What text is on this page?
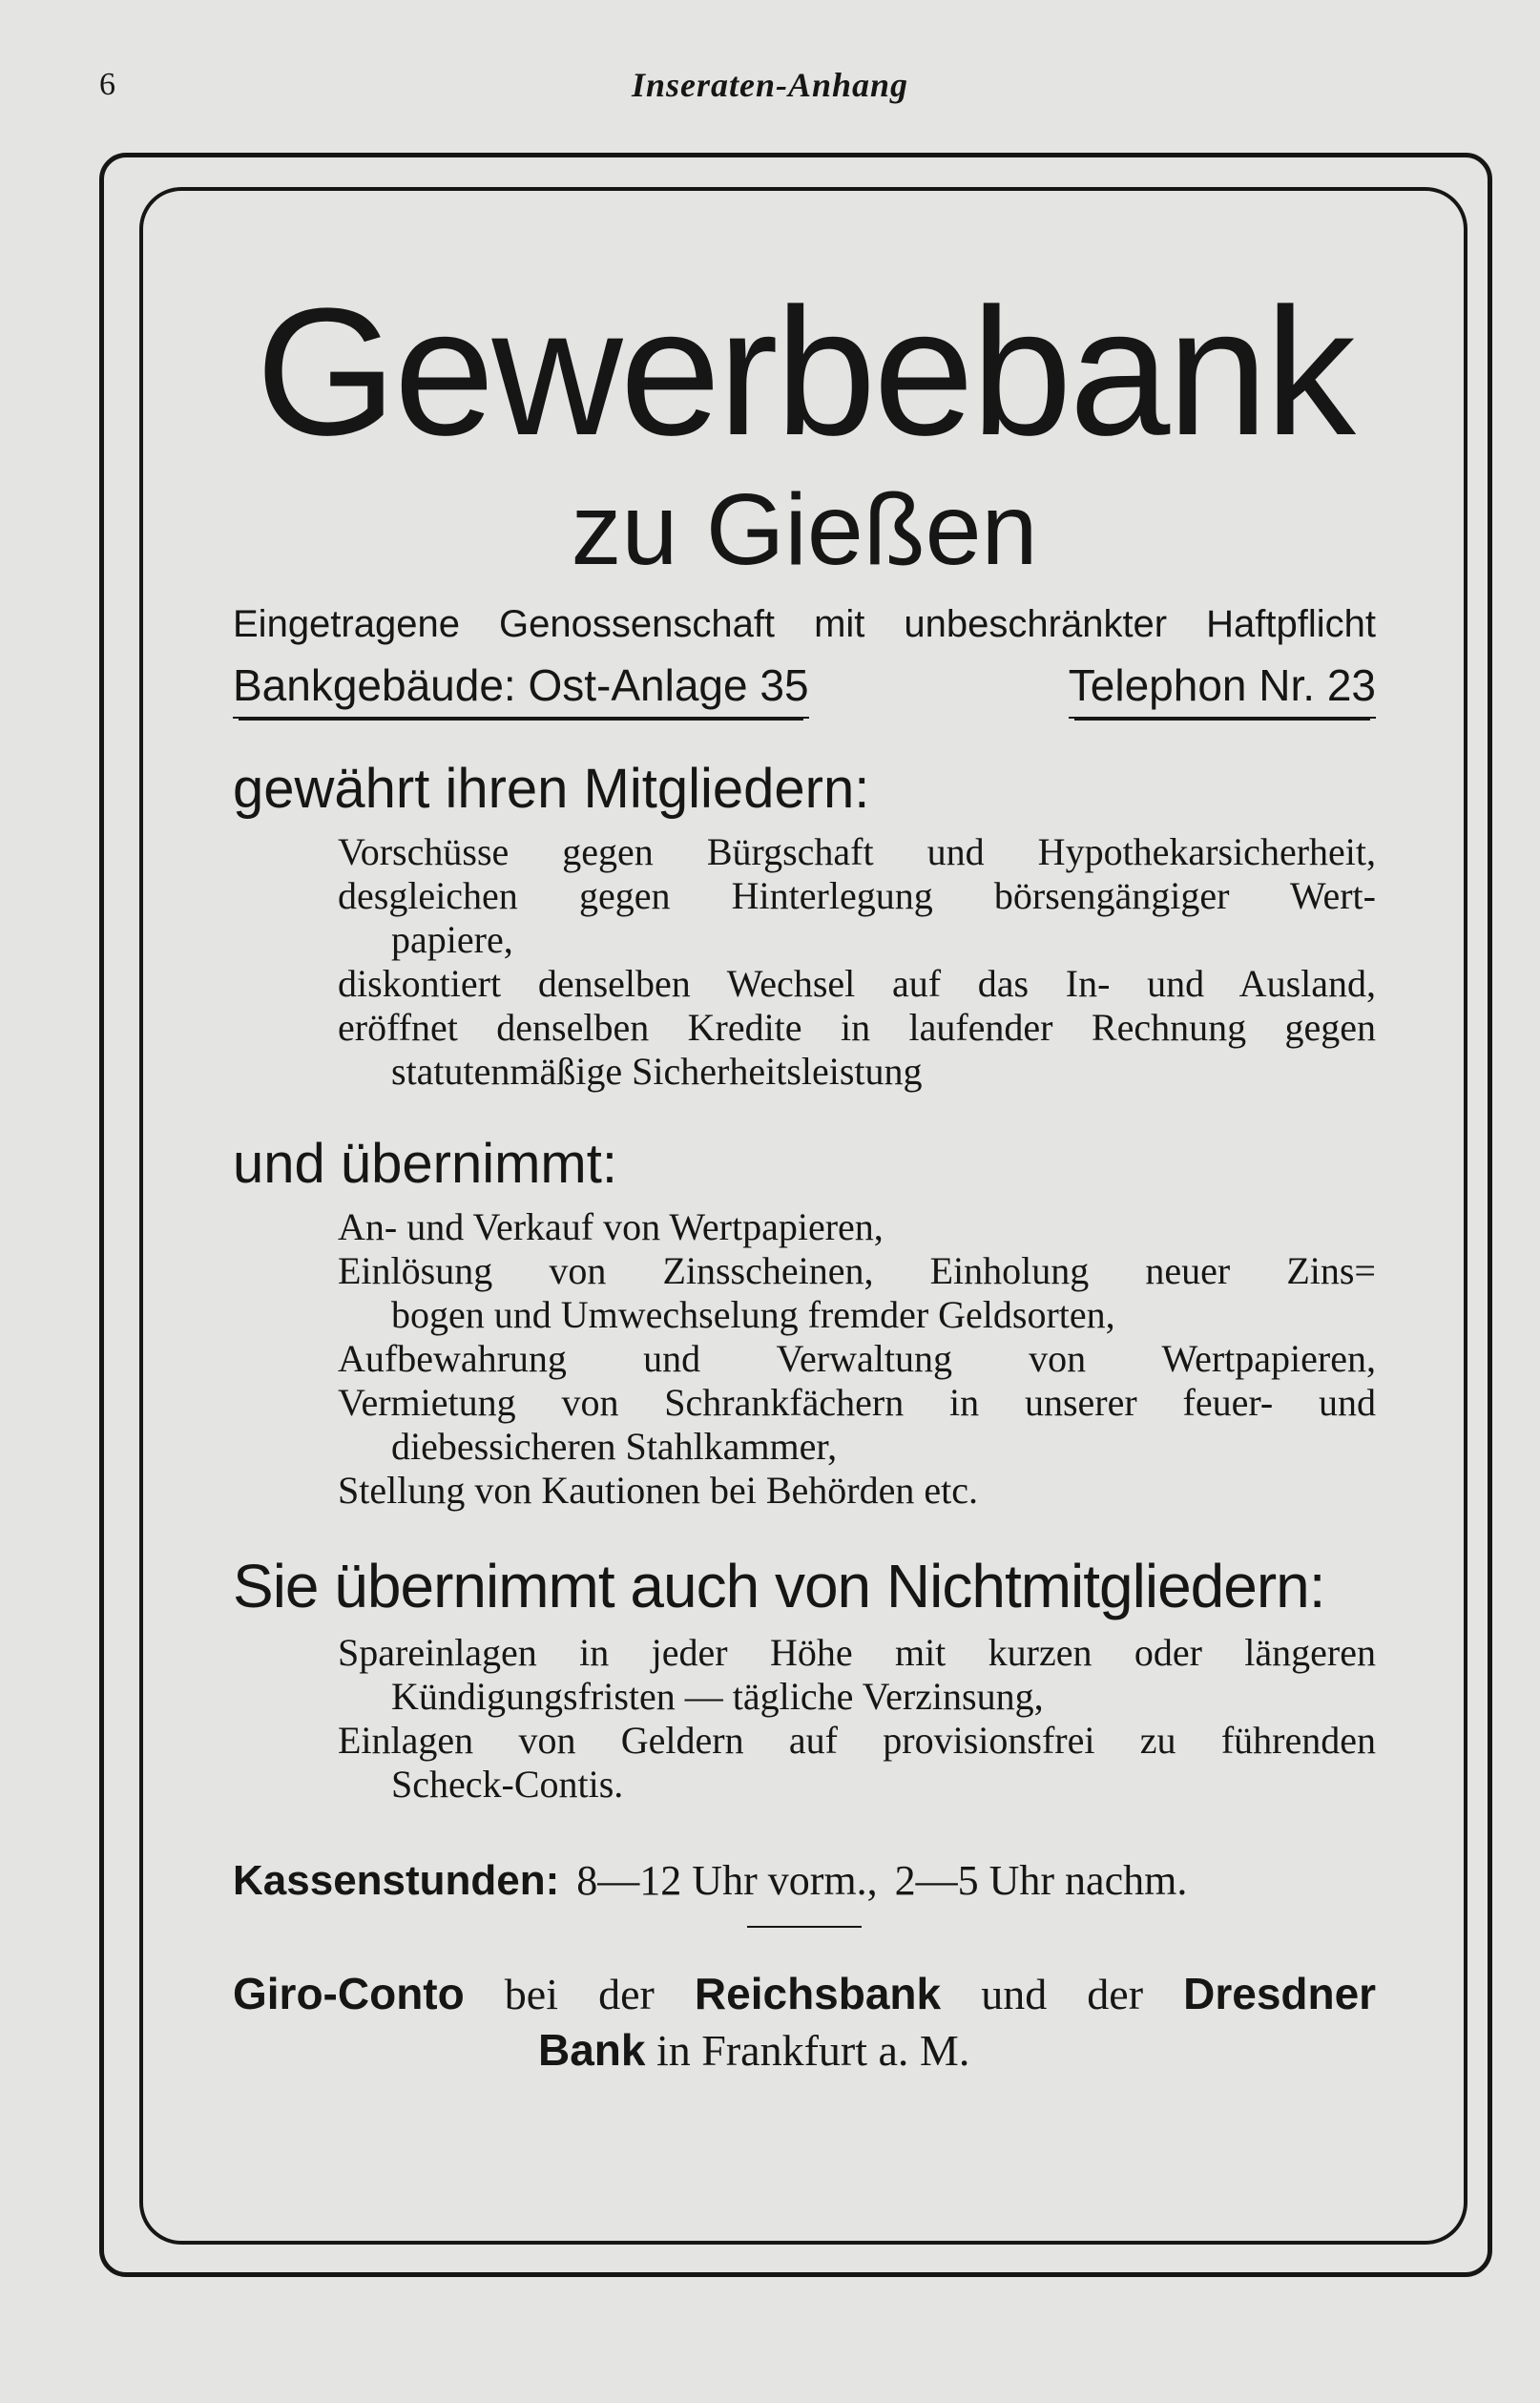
6	Inseraten-Anhang
Gewerbebank
zu Gießen
Eingetragene Genossenschaft mit unbeschränkter Haftpflicht
Bankgebäude: Ost-Anlage 35	Telephon Nr. 23
gewährt ihren Mitgliedern:
Vorschüsse gegen Bürgschaft und Hypothekarsicherheit,
desgleichen gegen Hinterlegung börsengängiger Wert-
papiere,
diskontiert denselben Wechsel auf das In- und Ausland,
eröffnet denselben Kredite in laufender Rechnung gegen
statutenmäßige Sicherheitsleistung
und übernimmt:
An- und Verkauf von Wertpapieren,
Einlösung von Zinsscheinen, Einholung neuer Zins=
bogen und Umwechselung fremder Geldsorten,
Aufbewahrung und Verwaltung von Wertpapieren,
Vermietung von Schrankfächern in unserer feuer- und
diebessicheren Stahlkammer,
Stellung von Kautionen bei Behörden etc.
Sie übernimmt auch von Nichtmitgliedern:
Spareinlagen in jeder Höhe mit kurzen oder längeren
Kündigungsfristen — tägliche Verzinsung,
Einlagen von Geldern auf provisionsfrei zu führenden
Scheck-Contis.
Kassenstunden: 8—12 Uhr vorm., 2—5 Uhr nachm.
Giro-Conto bei der Reichsbank und der Dresdner
Bank in Frankfurt a. M.
